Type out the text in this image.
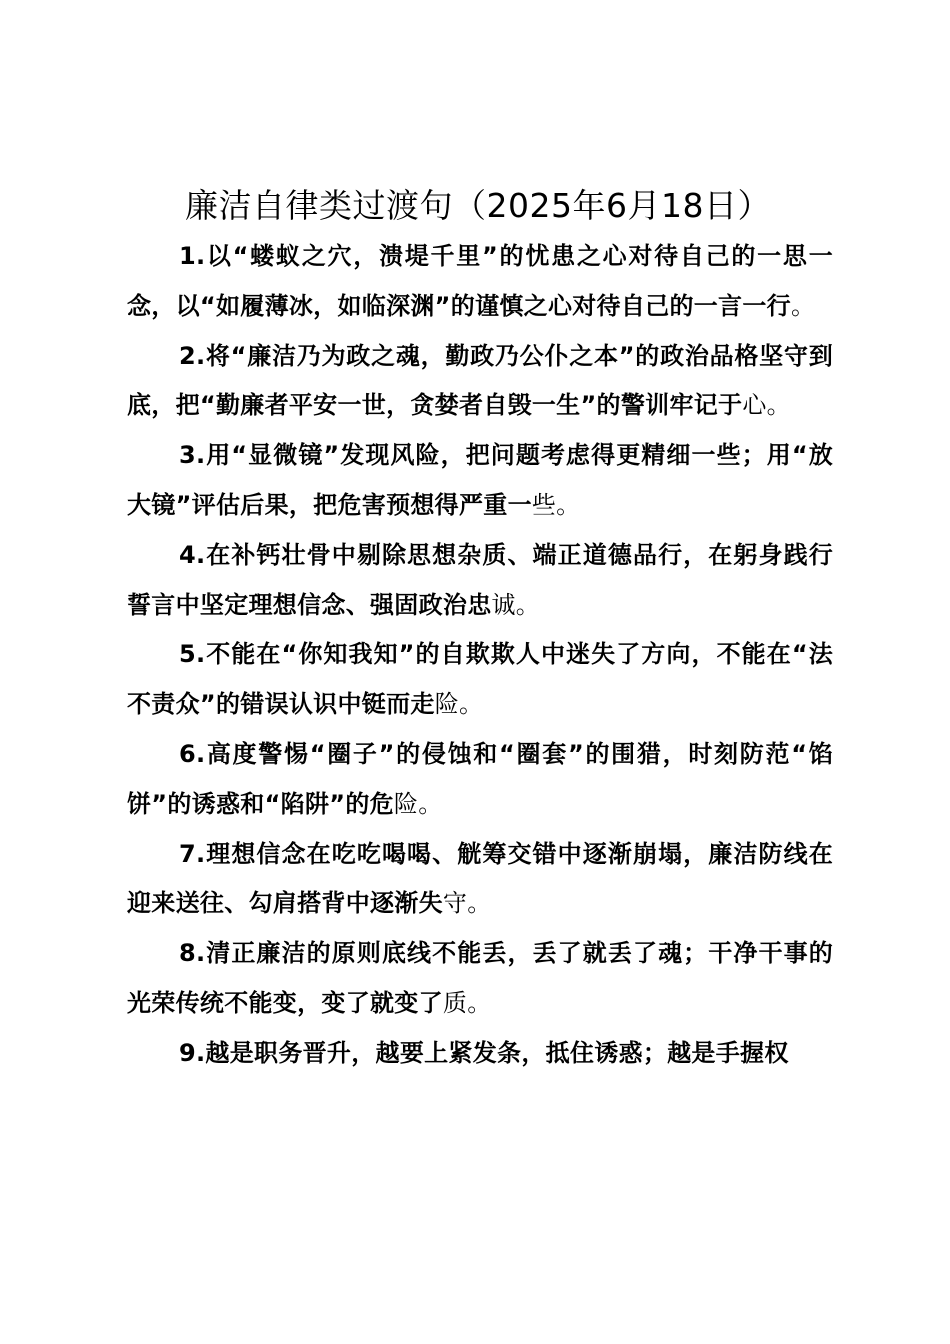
廉洁自律类过渡句（2025年6月18日）

1.以“蝼蚁之穴，溃堤千里”的忧患之心对待自己的一思一念，以“如履薄冰，如临深渊”的谨慎之心对待自己的一言一行。

2.将“廉洁乃为政之魂，勤政乃公仆之本”的政治品格坚守到底，把“勤廉者平安一世，贪婪者自毁一生”的警训牢记于心。

3.用“显微镜”发现风险，把问题考虑得更精细一些；用“放大镜”评估后果，把危害预想得严重一些。

4.在补钙壮骨中剔除思想杂质、端正道德品行，在躬身践行誓言中坚定理想信念、强固政治忠诚。

5.不能在“你知我知”的自欺欺人中迷失了方向，不能在“法不责众”的错误认识中铤而走险。

6.高度警惕“圈子”的侵蚀和“圈套”的围猎，时刻防范“馅饼”的诱惑和“陷阱”的危险。

7.理想信念在吃吃喝喝、觥筹交错中逐渐崩塌，廉洁防线在迎来送往、勾肩搭背中逐渐失守。

8.清正廉洁的原则底线不能丢，丢了就丢了魂；干净干事的光荣传统不能变，变了就变了质。

9.越是职务晋升，越要上紧发条，抵住诱惑；越是手握权
